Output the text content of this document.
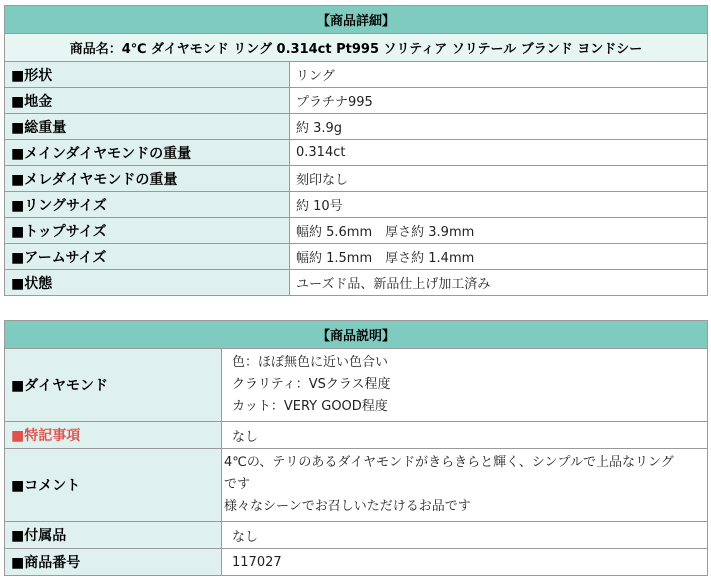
【商品詳細】	
商品名：4℃ ダイヤモンド リング 0.314ct Pt995 ソリティア ソリテール ブランド ヨンドシー	
■形状	リング
■地金	プラチナ995
■総重量	約 3.9g
■メインダイヤモンドの重量	0.314ct
■メレダイヤモンドの重量	刻印なし
■リングサイズ	約 10号
■トップサイズ	幅約 5.6mm　厚さ約 3.9mm
■アームサイズ	幅約 1.5mm　厚さ約 1.4mm
■状態	ユーズド品、新品仕上げ加工済み
【商品説明】	
■ダイヤモンド	色：ほぼ無色に近い色合い
クラリティ：VSクラス程度
カット：VERY GOOD程度

■特記事項	なし
■コメント	4℃の、テリのあるダイヤモンドがきらきらと輝く、シンプルで上品なリング
です
様々なシーンでお召しいただけるお品です

■付属品	なし
■商品番号	117027
